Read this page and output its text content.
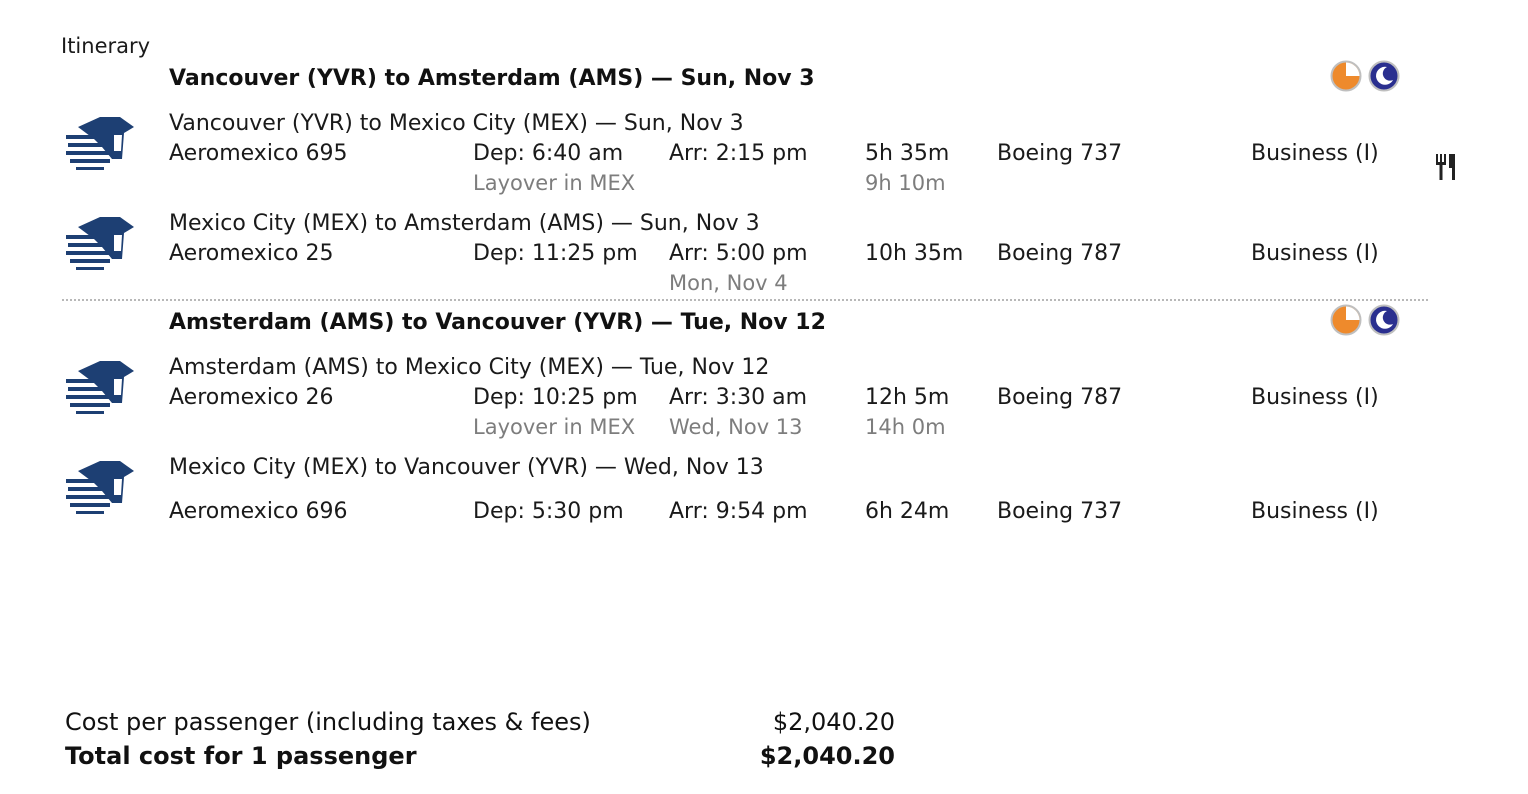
Itinerary
Vancouver (YVR) to Amsterdam (AMS) — Sun, Nov 3
Vancouver (YVR) to Mexico City (MEX) — Sun, Nov 3
Aeromexico 695	Dep: 6:40 am Arr: 2:15 pm	5h 35m Boeing 737	Business (I)
Layover in MEX	9h 10m
Mexico City (MEX) to Amsterdam (AMS) — Sun, Nov 3
Aeromexico 25	Dep: 11:25 pm Arr: 5:00 pm	10h 35m Boeing 787	Business (I)
Mon, Nov 4
Amsterdam (AMS) to Vancouver (YVR) — Tue, Nov 12
Amsterdam (AMS) to Mexico City (MEX) — Tue, Nov 12
Aeromexico 26	Dep: 10:25 pm Arr: 3:30 am	12h 5m Boeing 787	Business (I)
Layover in MEX Wed, Nov 13	14h 0m
Mexico City (MEX) to Vancouver (YVR) — Wed, Nov 13
Aeromexico 696	Dep: 5:30 pm Arr: 9:54 pm	6h 24m Boeing 737	Business (I)
Cost per passenger (including taxes & fees)	$2,040.20
Total cost for 1 passenger	$2,040.20
